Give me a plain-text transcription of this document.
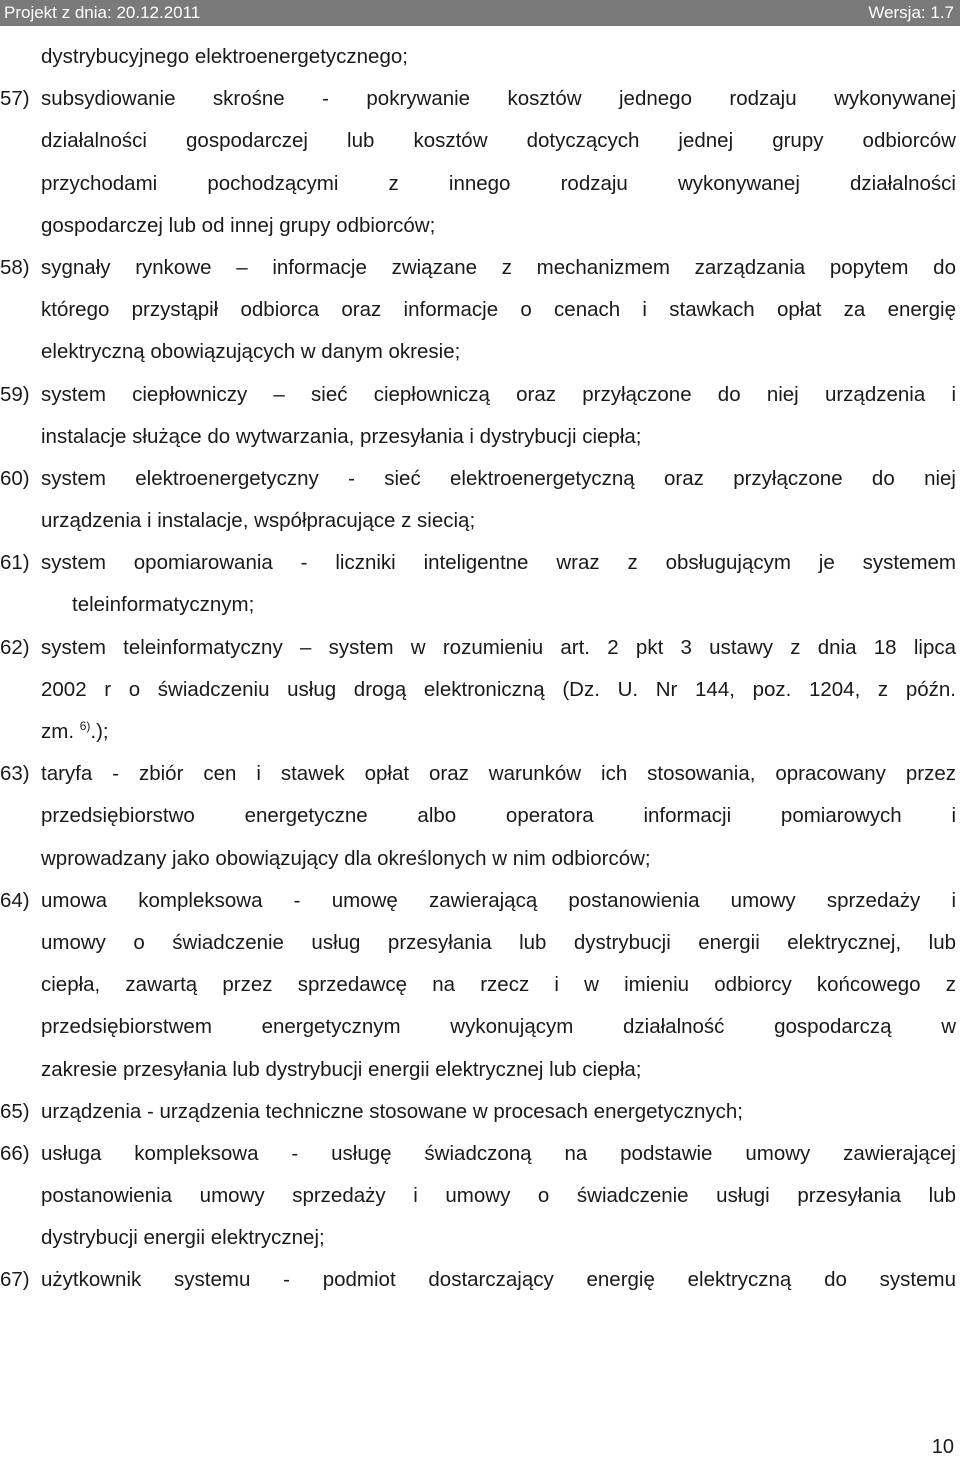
Projekt z dnia: 20.12.2011	Wersja: 1.7
dystrybucyjnego elektroenergetycznego;
57) subsydiowanie skrośne - pokrywanie kosztów jednego rodzaju wykonywanej
działalności gospodarczej lub kosztów dotyczących jednej grupy odbiorców
przychodami pochodzącymi z innego rodzaju wykonywanej działalności
gospodarczej lub od innej grupy odbiorców;
58) sygnały rynkowe – informacje związane z mechanizmem zarządzania popytem do
którego przystąpił odbiorca oraz informacje o cenach i stawkach opłat za energię
elektryczną obowiązujących w danym okresie;
59) system ciepłowniczy – sieć ciepłowniczą oraz przyłączone do niej urządzenia i
instalacje służące do wytwarzania, przesyłania i dystrybucji ciepła;
60) system elektroenergetyczny - sieć elektroenergetyczną oraz przyłączone do niej
urządzenia i instalacje, współpracujące z siecią;
61) system opomiarowania - liczniki inteligentne wraz z obsługującym je systemem
teleinformatycznym;
62) system teleinformatyczny – system w rozumieniu art. 2 pkt 3 ustawy z dnia 18 lipca
2002 r o świadczeniu usług drogą elektroniczną (Dz. U. Nr 144, poz. 1204, z późn.
zm. $^{6)}$.);
63) taryfa - zbiór cen i stawek opłat oraz warunków ich stosowania, opracowany przez
przedsiębiorstwo energetyczne albo operatora informacji pomiarowych i
wprowadzany jako obowiązujący dla określonych w nim odbiorców;
64) umowa kompleksowa - umowę zawierającą postanowienia umowy sprzedaży i
umowy o świadczenie usług przesyłania lub dystrybucji energii elektrycznej, lub
ciepła, zawartą przez sprzedawcę na rzecz i w imieniu odbiorcy końcowego z
przedsiębiorstwem energetycznym wykonującym działalność gospodarczą w
zakresie przesyłania lub dystrybucji energii elektrycznej lub ciepła;
65) urządzenia - urządzenia techniczne stosowane w procesach energetycznych;
66) usługa kompleksowa - usługę świadczoną na podstawie umowy zawierającej
postanowienia umowy sprzedaży i umowy o świadczenie usługi przesyłania lub
dystrybucji energii elektrycznej;
67) użytkownik systemu - podmiot dostarczający energię elektryczną do systemu
10
